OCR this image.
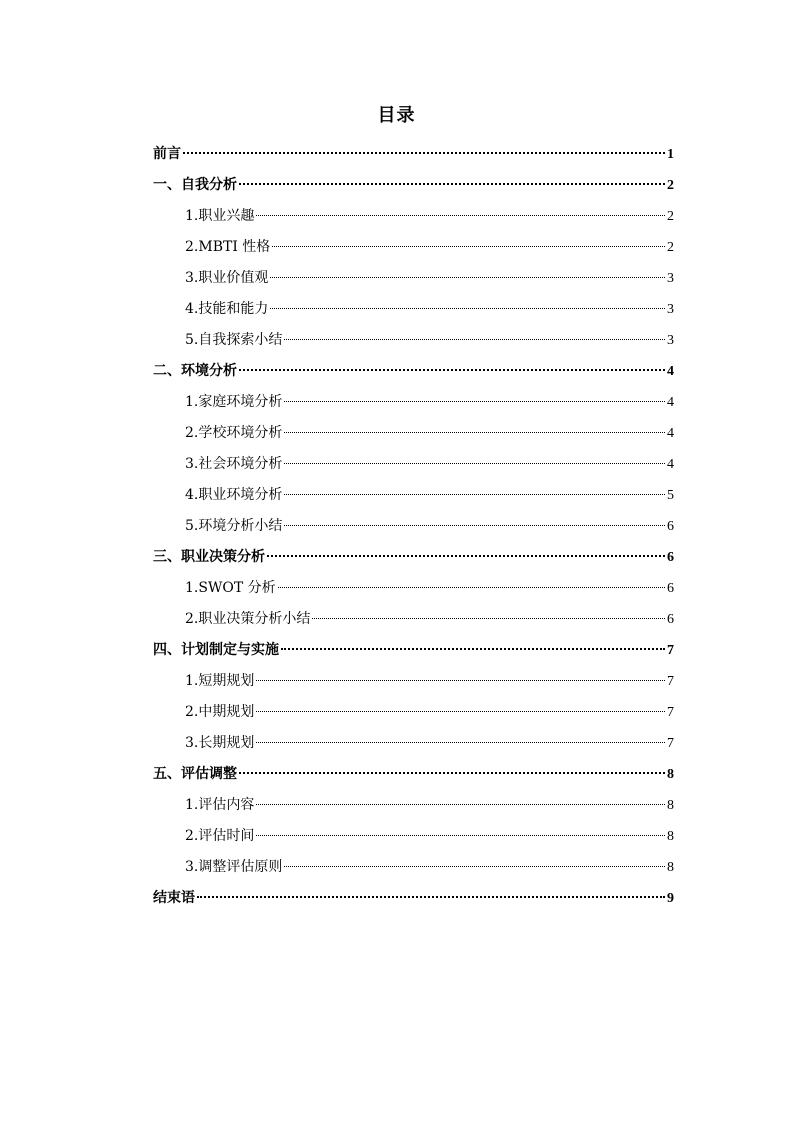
目录
前言	1
一、自我分析	2
1.职业兴趣	2
2.MBTI 性格	2
3.职业价值观	3
4.技能和能力	3
5.自我探索小结	3
二、环境分析	4
1.家庭环境分析	4
2.学校环境分析	4
3.社会环境分析	4
4.职业环境分析	5
5.环境分析小结	6
三、职业决策分析	6
1.SWOT 分析	6
2.职业决策分析小结	6
四、计划制定与实施	7
1.短期规划	7
2.中期规划	7
3.长期规划	7
五、评估调整	8
1.评估内容	8
2.评估时间	8
3.调整评估原则	8
结束语	9
